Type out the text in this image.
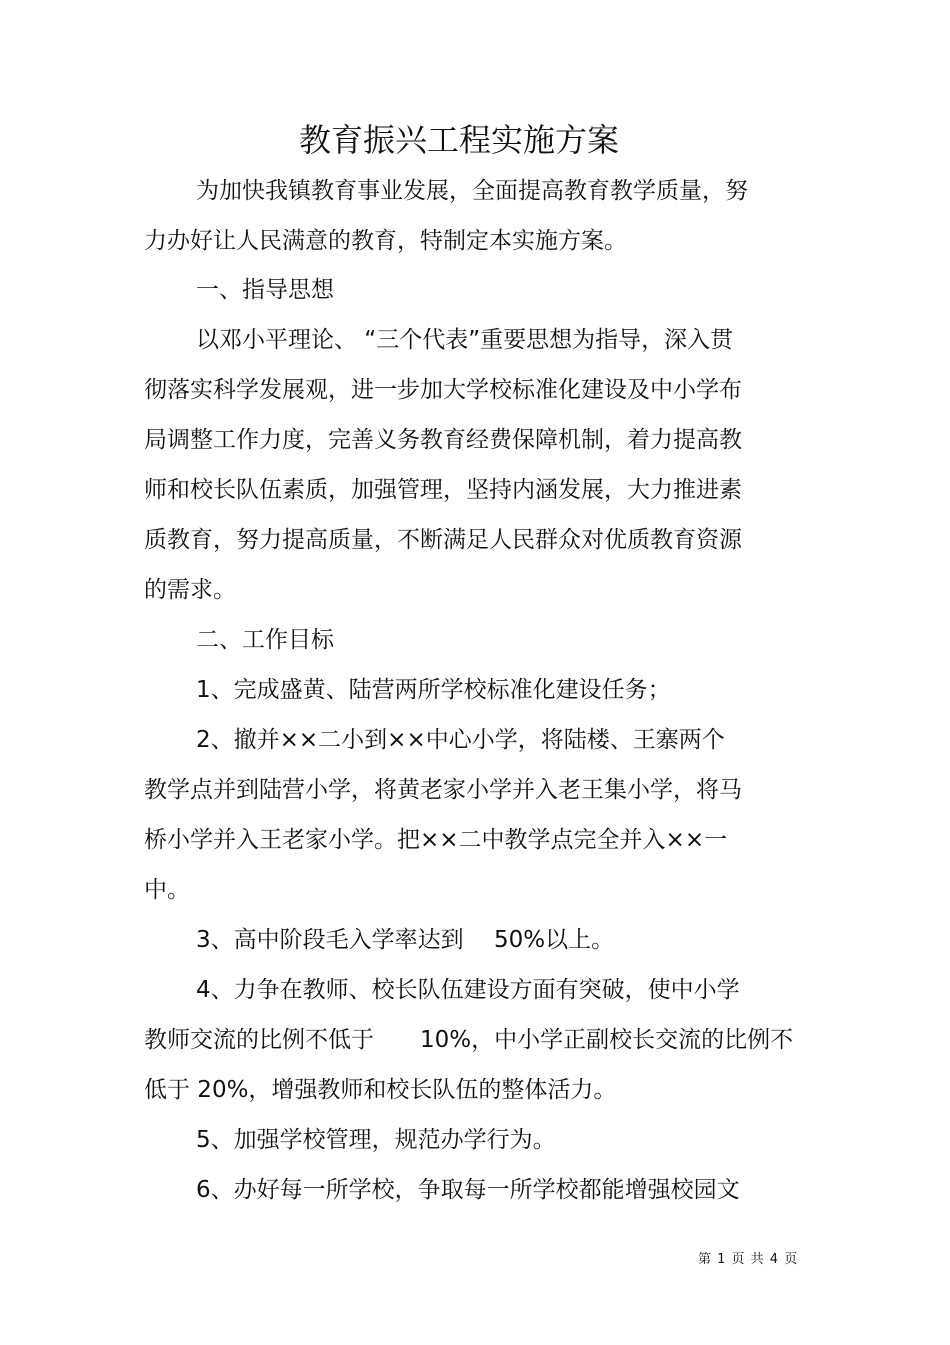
教育振兴工程实施方案
为加快我镇教育事业发展，全面提高教育教学质量，努
力办好让人民满意的教育，特制定本实施方案。
一、指导思想
以邓小平理论、 “三个代表”重要思想为指导，深入贯
彻落实科学发展观，进一步加大学校标准化建设及中小学布
局调整工作力度，完善义务教育经费保障机制，着力提高教
师和校长队伍素质，加强管理，坚持内涵发展，大力推进素
质教育，努力提高质量，不断满足人民群众对优质教育资源
的需求。
二、工作目标
1、完成盛黄、陆营两所学校标准化建设任务；
2、撤并××二小到××中心小学，将陆楼、王寨两个
教学点并到陆营小学，将黄老家小学并入老王集小学，将马
桥小学并入王老家小学。把××二中教学点完全并入××一
中。
3、高中阶段毛入学率达到　 50%以上。
4、力争在教师、校长队伍建设方面有突破，使中小学
教师交流的比例不低于　　10%，中小学正副校长交流的比例不
低于 20%，增强教师和校长队伍的整体活力。
5、加强学校管理，规范办学行为。
6、办好每一所学校，争取每一所学校都能增强校园文
第 1 页 共 4 页
